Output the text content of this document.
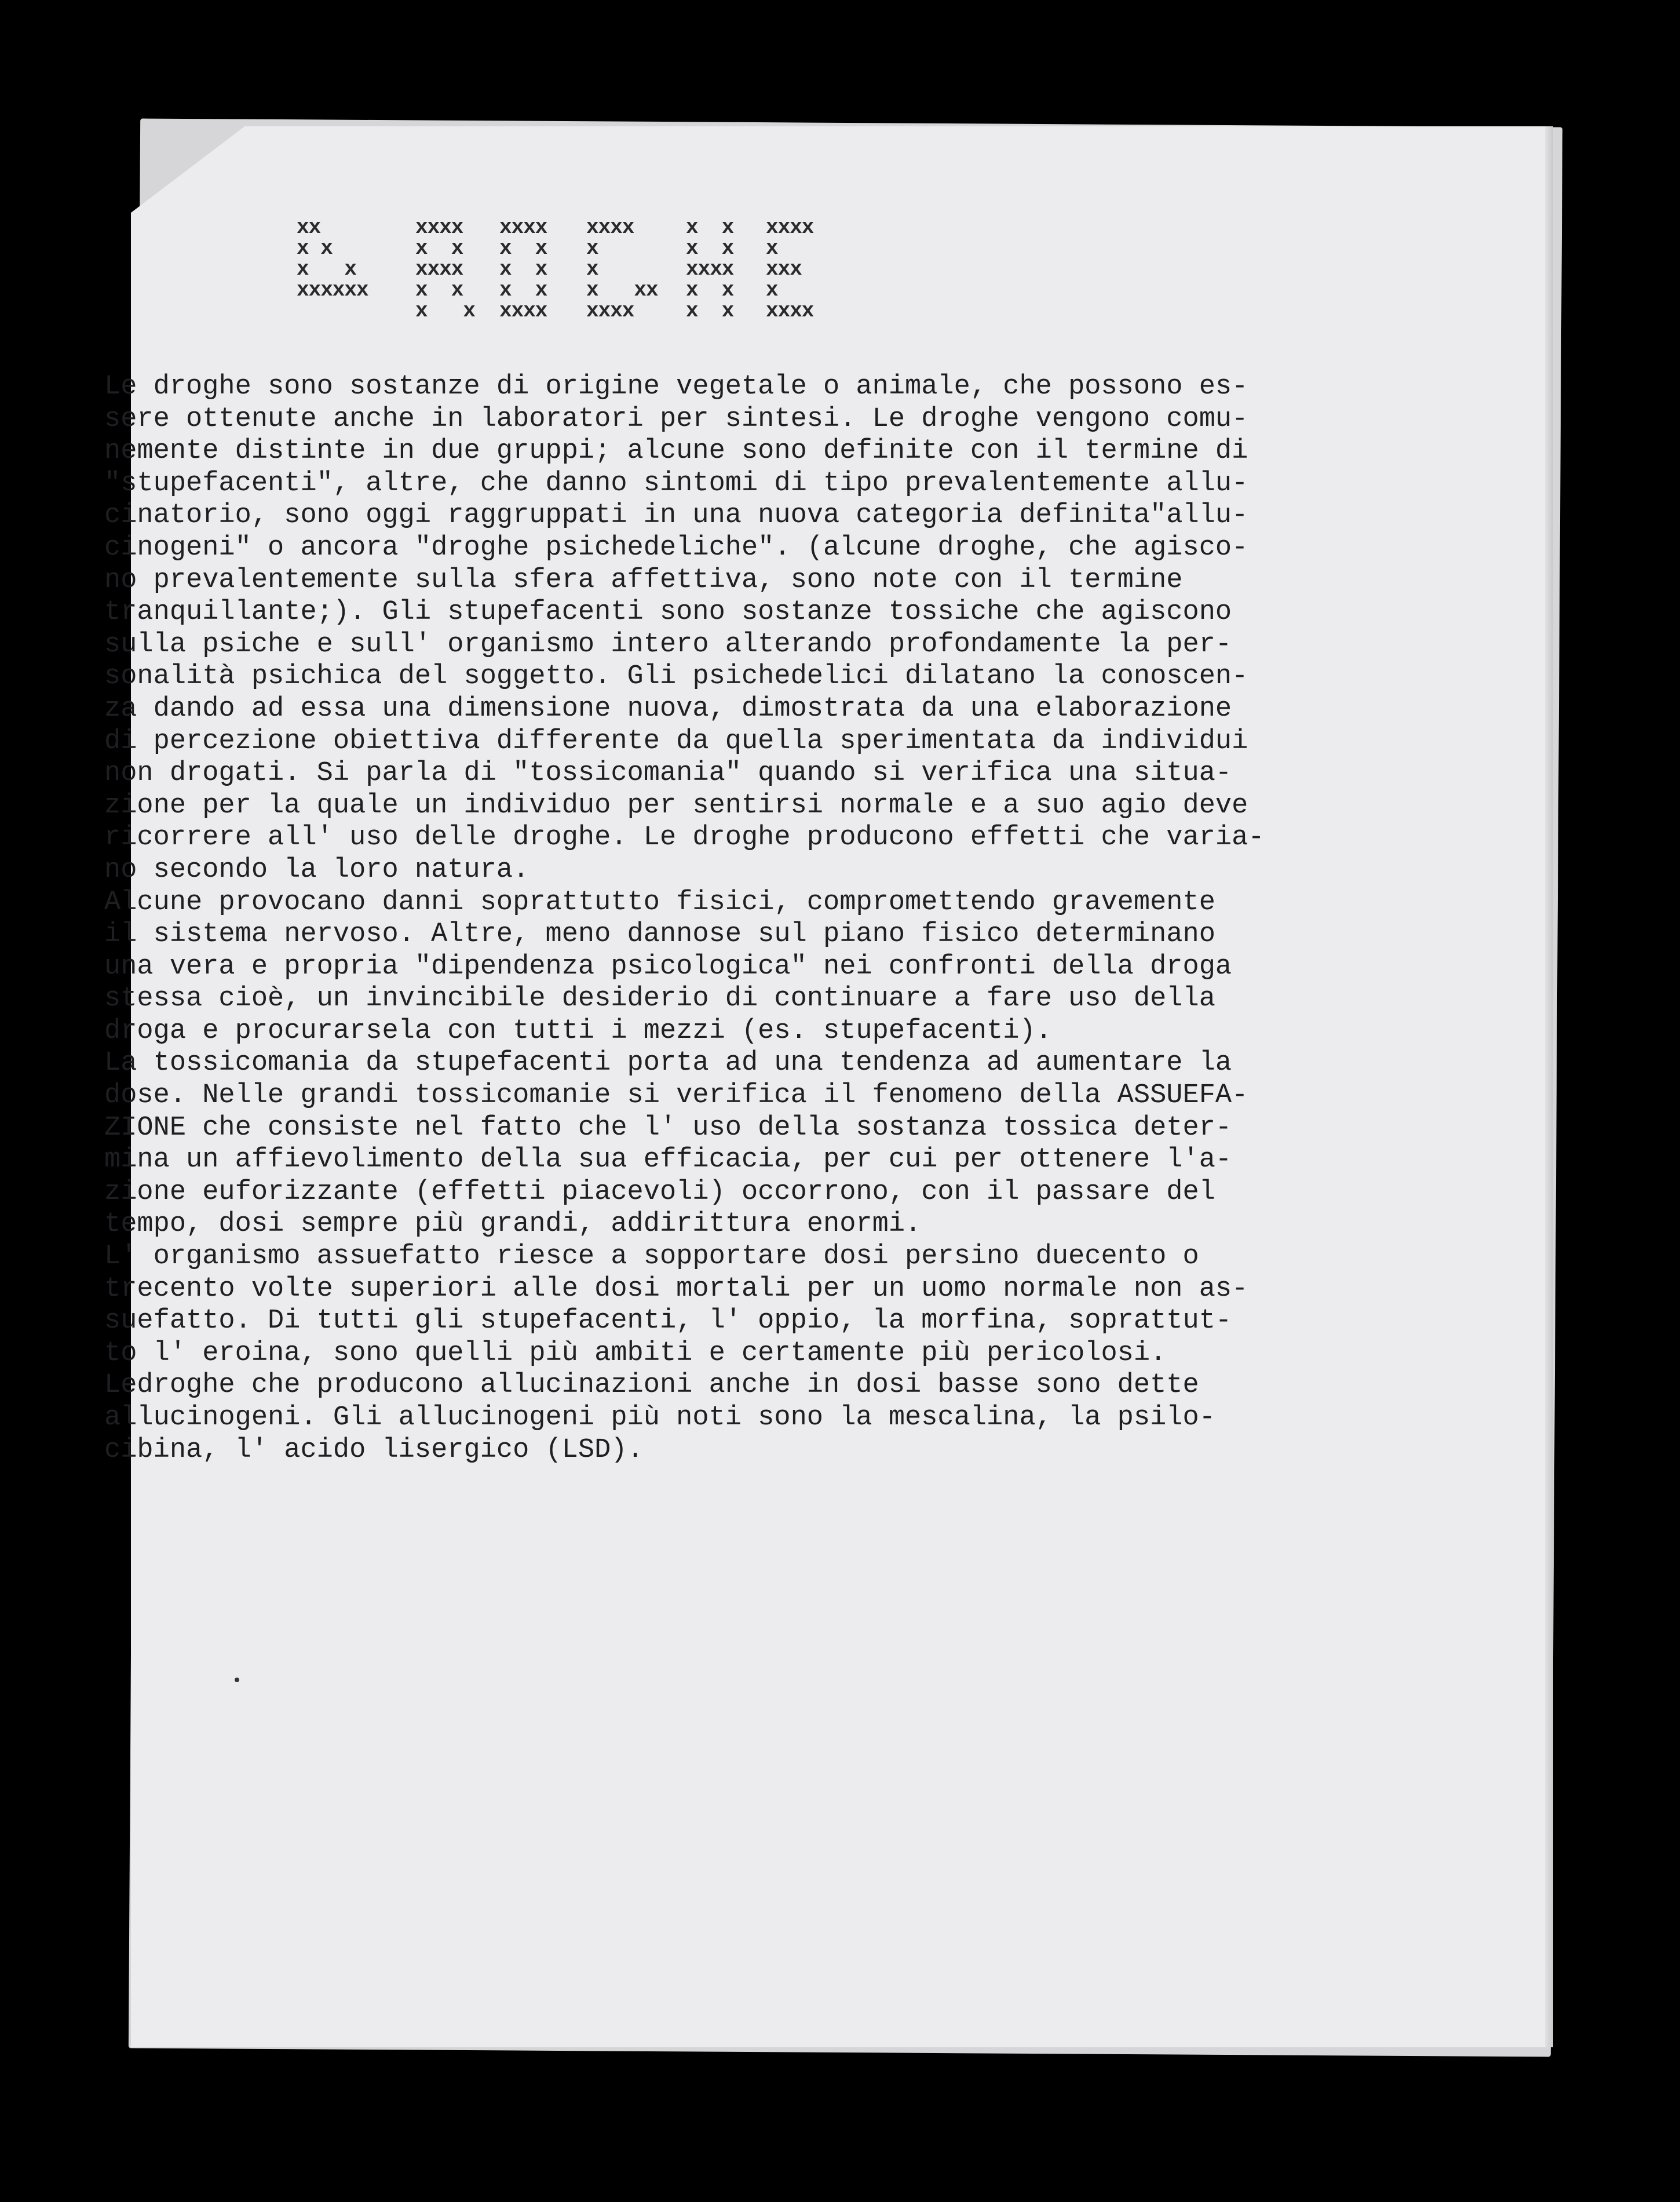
xx
x x
x   x
xxxxxx
xxxx
x  x
xxxx
x  x
x   x
xxxx
x  x
x  x
x  x
xxxx
xxxx
x
x
x   xx
xxxx
x  x
x  x
xxxx
x  x
x  x
xxxx
x
xxx
x
xxxx
Le droghe sono sostanze di origine vegetale o animale, che possono es-
sere ottenute anche in laboratori per sintesi. Le droghe vengono comu-
nemente distinte in due gruppi; alcune sono definite con il termine di
"stupefacenti", altre, che danno sintomi di tipo prevalentemente allu-
cinatorio, sono oggi raggruppati in una nuova categoria definita"allu-
cinogeni" o ancora "droghe psichedeliche". (alcune droghe, che agisco-
no prevalentemente sulla sfera affettiva, sono note con il termine
tranquillante;). Gli stupefacenti sono sostanze tossiche che agiscono
sulla psiche e sull' organismo intero alterando profondamente la per-
sonalità psichica del soggetto. Gli psichedelici dilatano la conoscen-
za dando ad essa una dimensione nuova, dimostrata da una elaborazione
di percezione obiettiva differente da quella sperimentata da individui
non drogati. Si parla di "tossicomania" quando si verifica una situa-
zione per la quale un individuo per sentirsi normale e a suo agio deve
ricorrere all' uso delle droghe. Le droghe producono effetti che varia-
no secondo la loro natura.
Alcune provocano danni soprattutto fisici, compromettendo gravemente
il sistema nervoso. Altre, meno dannose sul piano fisico determinano
una vera e propria "dipendenza psicologica" nei confronti della droga
stessa cioè, un invincibile desiderio di continuare a fare uso della
droga e procurarsela con tutti i mezzi (es. stupefacenti).
La tossicomania da stupefacenti porta ad una tendenza ad aumentare la
dose. Nelle grandi tossicomanie si verifica il fenomeno della ASSUEFA-
ZIONE che consiste nel fatto che l' uso della sostanza tossica deter-
mina un affievolimento della sua efficacia, per cui per ottenere l'a-
zione euforizzante (effetti piacevoli) occorrono, con il passare del
tempo, dosi sempre più grandi, addirittura enormi.
L' organismo assuefatto riesce a sopportare dosi persino duecento o
trecento volte superiori alle dosi mortali per un uomo normale non as-
suefatto. Di tutti gli stupefacenti, l' oppio, la morfina, soprattut-
to l' eroina, sono quelli più ambiti e certamente più pericolosi.
Ledroghe che producono allucinazioni anche in dosi basse sono dette
allucinogeni. Gli allucinogeni più noti sono la mescalina, la psilo-
cibina, l' acido lisergico (LSD).
